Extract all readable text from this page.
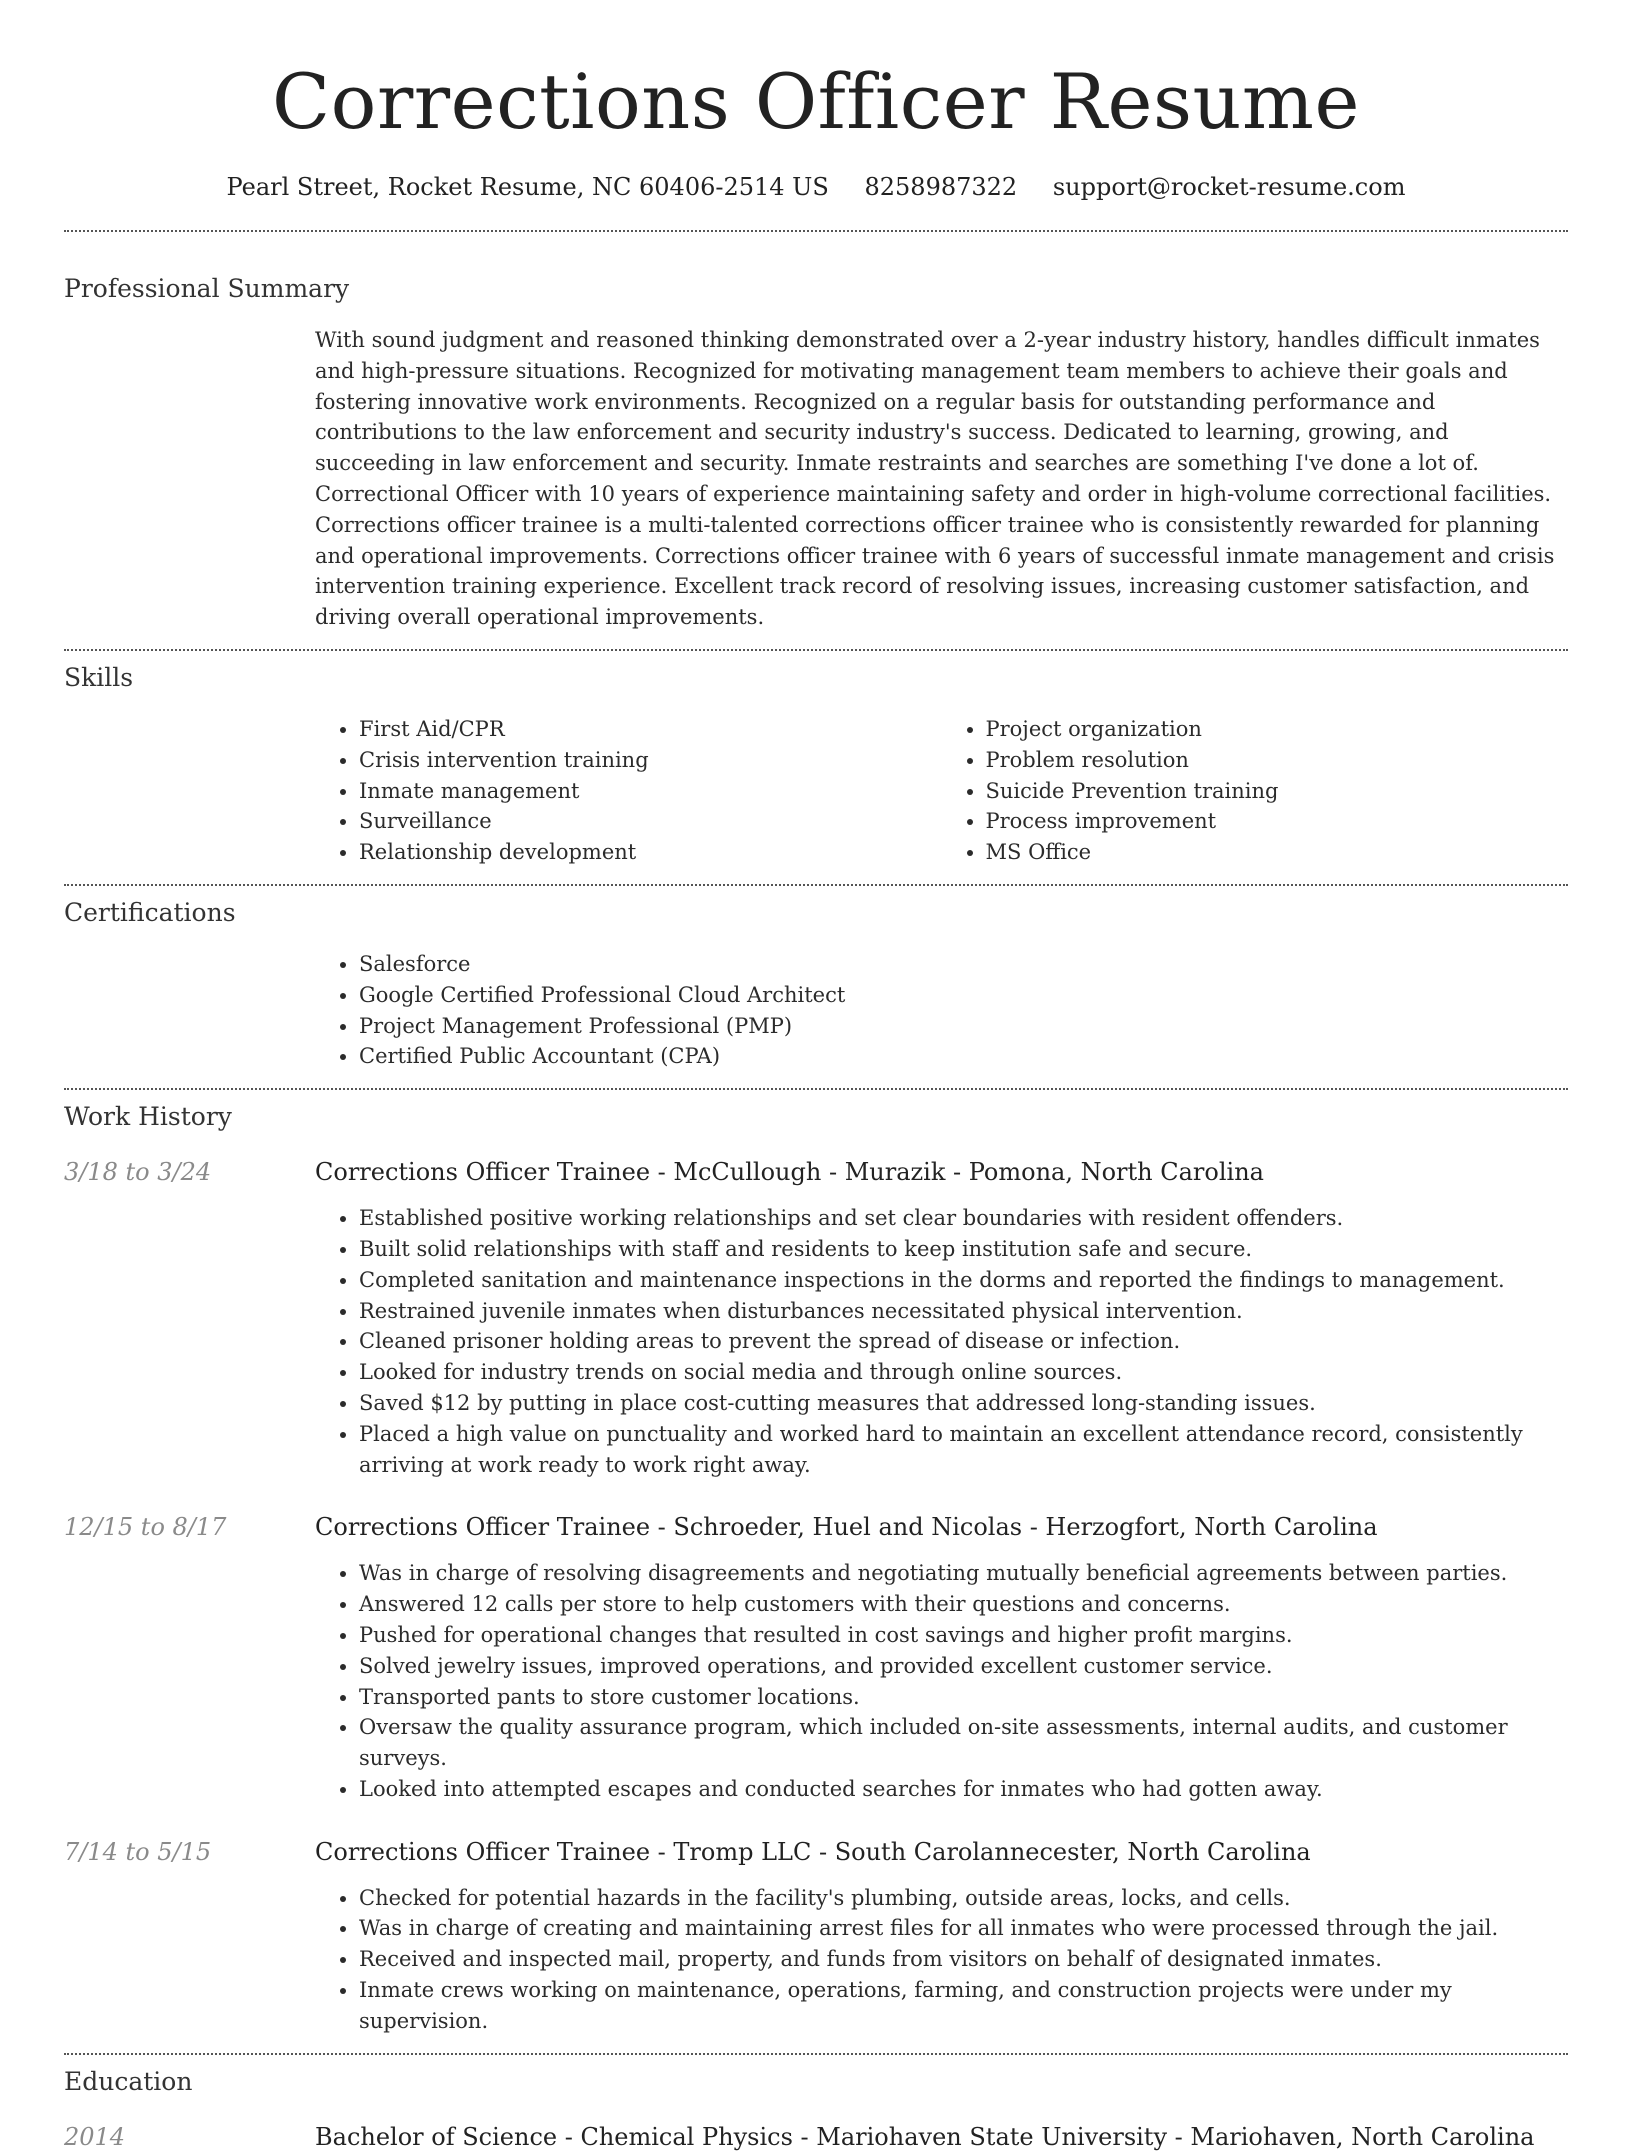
Corrections Officer Resume
Pearl Street, Rocket Resume, NC 60406-2514 US 8258987322 support@rocket-resume.com
Professional Summary

With sound judgment and reasoned thinking demonstrated over a 2-year industry history, handles difficult inmates and high-pressure situations. Recognized for motivating management team members to achieve their goals and fostering innovative work environments. Recognized on a regular basis for outstanding performance and contributions to the law enforcement and security industry's success. Dedicated to learning, growing, and succeeding in law enforcement and security. Inmate restraints and searches are something I've done a lot of. Correctional Officer with 10 years of experience maintaining safety and order in high-volume correctional facilities. Corrections officer trainee is a multi-talented corrections officer trainee who is consistently rewarded for planning and operational improvements. Corrections officer trainee with 6 years of successful inmate management and crisis intervention training experience. Excellent track record of resolving issues, increasing customer satisfaction, and driving overall operational improvements.

Skills
• First Aid/CPR
• Crisis intervention training
• Inmate management
• Surveillance
• Relationship development
• Project organization
• Problem resolution
• Suicide Prevention training
• Process improvement
• MS Office
Certifications
• Salesforce
• Google Certified Professional Cloud Architect
• Project Management Professional (PMP)
• Certified Public Accountant (CPA)
Work History
3/18 to 3/24	Corrections Officer Trainee - McCullough - Murazik - Pomona, North Carolina
• Established positive working relationships and set clear boundaries with resident offenders.
• Built solid relationships with staff and residents to keep institution safe and secure.
• Completed sanitation and maintenance inspections in the dorms and reported the findings to management.
• Restrained juvenile inmates when disturbances necessitated physical intervention.
• Cleaned prisoner holding areas to prevent the spread of disease or infection.
• Looked for industry trends on social media and through online sources.
• Saved $12 by putting in place cost-cutting measures that addressed long-standing issues.
• Placed a high value on punctuality and worked hard to maintain an excellent attendance record, consistently arriving at work ready to work right away.
12/15 to 8/17	Corrections Officer Trainee - Schroeder, Huel and Nicolas - Herzogfort, North Carolina
• Was in charge of resolving disagreements and negotiating mutually beneficial agreements between parties.
• Answered 12 calls per store to help customers with their questions and concerns.
• Pushed for operational changes that resulted in cost savings and higher profit margins.
• Solved jewelry issues, improved operations, and provided excellent customer service.
• Transported pants to store customer locations.
• Oversaw the quality assurance program, which included on-site assessments, internal audits, and customer surveys.
• Looked into attempted escapes and conducted searches for inmates who had gotten away.
7/14 to 5/15	Corrections Officer Trainee - Tromp LLC - South Carolannecester, North Carolina
• Checked for potential hazards in the facility's plumbing, outside areas, locks, and cells.
• Was in charge of creating and maintaining arrest files for all inmates who were processed through the jail.
• Received and inspected mail, property, and funds from visitors on behalf of designated inmates.
• Inmate crews working on maintenance, operations, farming, and construction projects were under my supervision.
Education
2014	Bachelor of Science - Chemical Physics - Mariohaven State University - Mariohaven, North Carolina
